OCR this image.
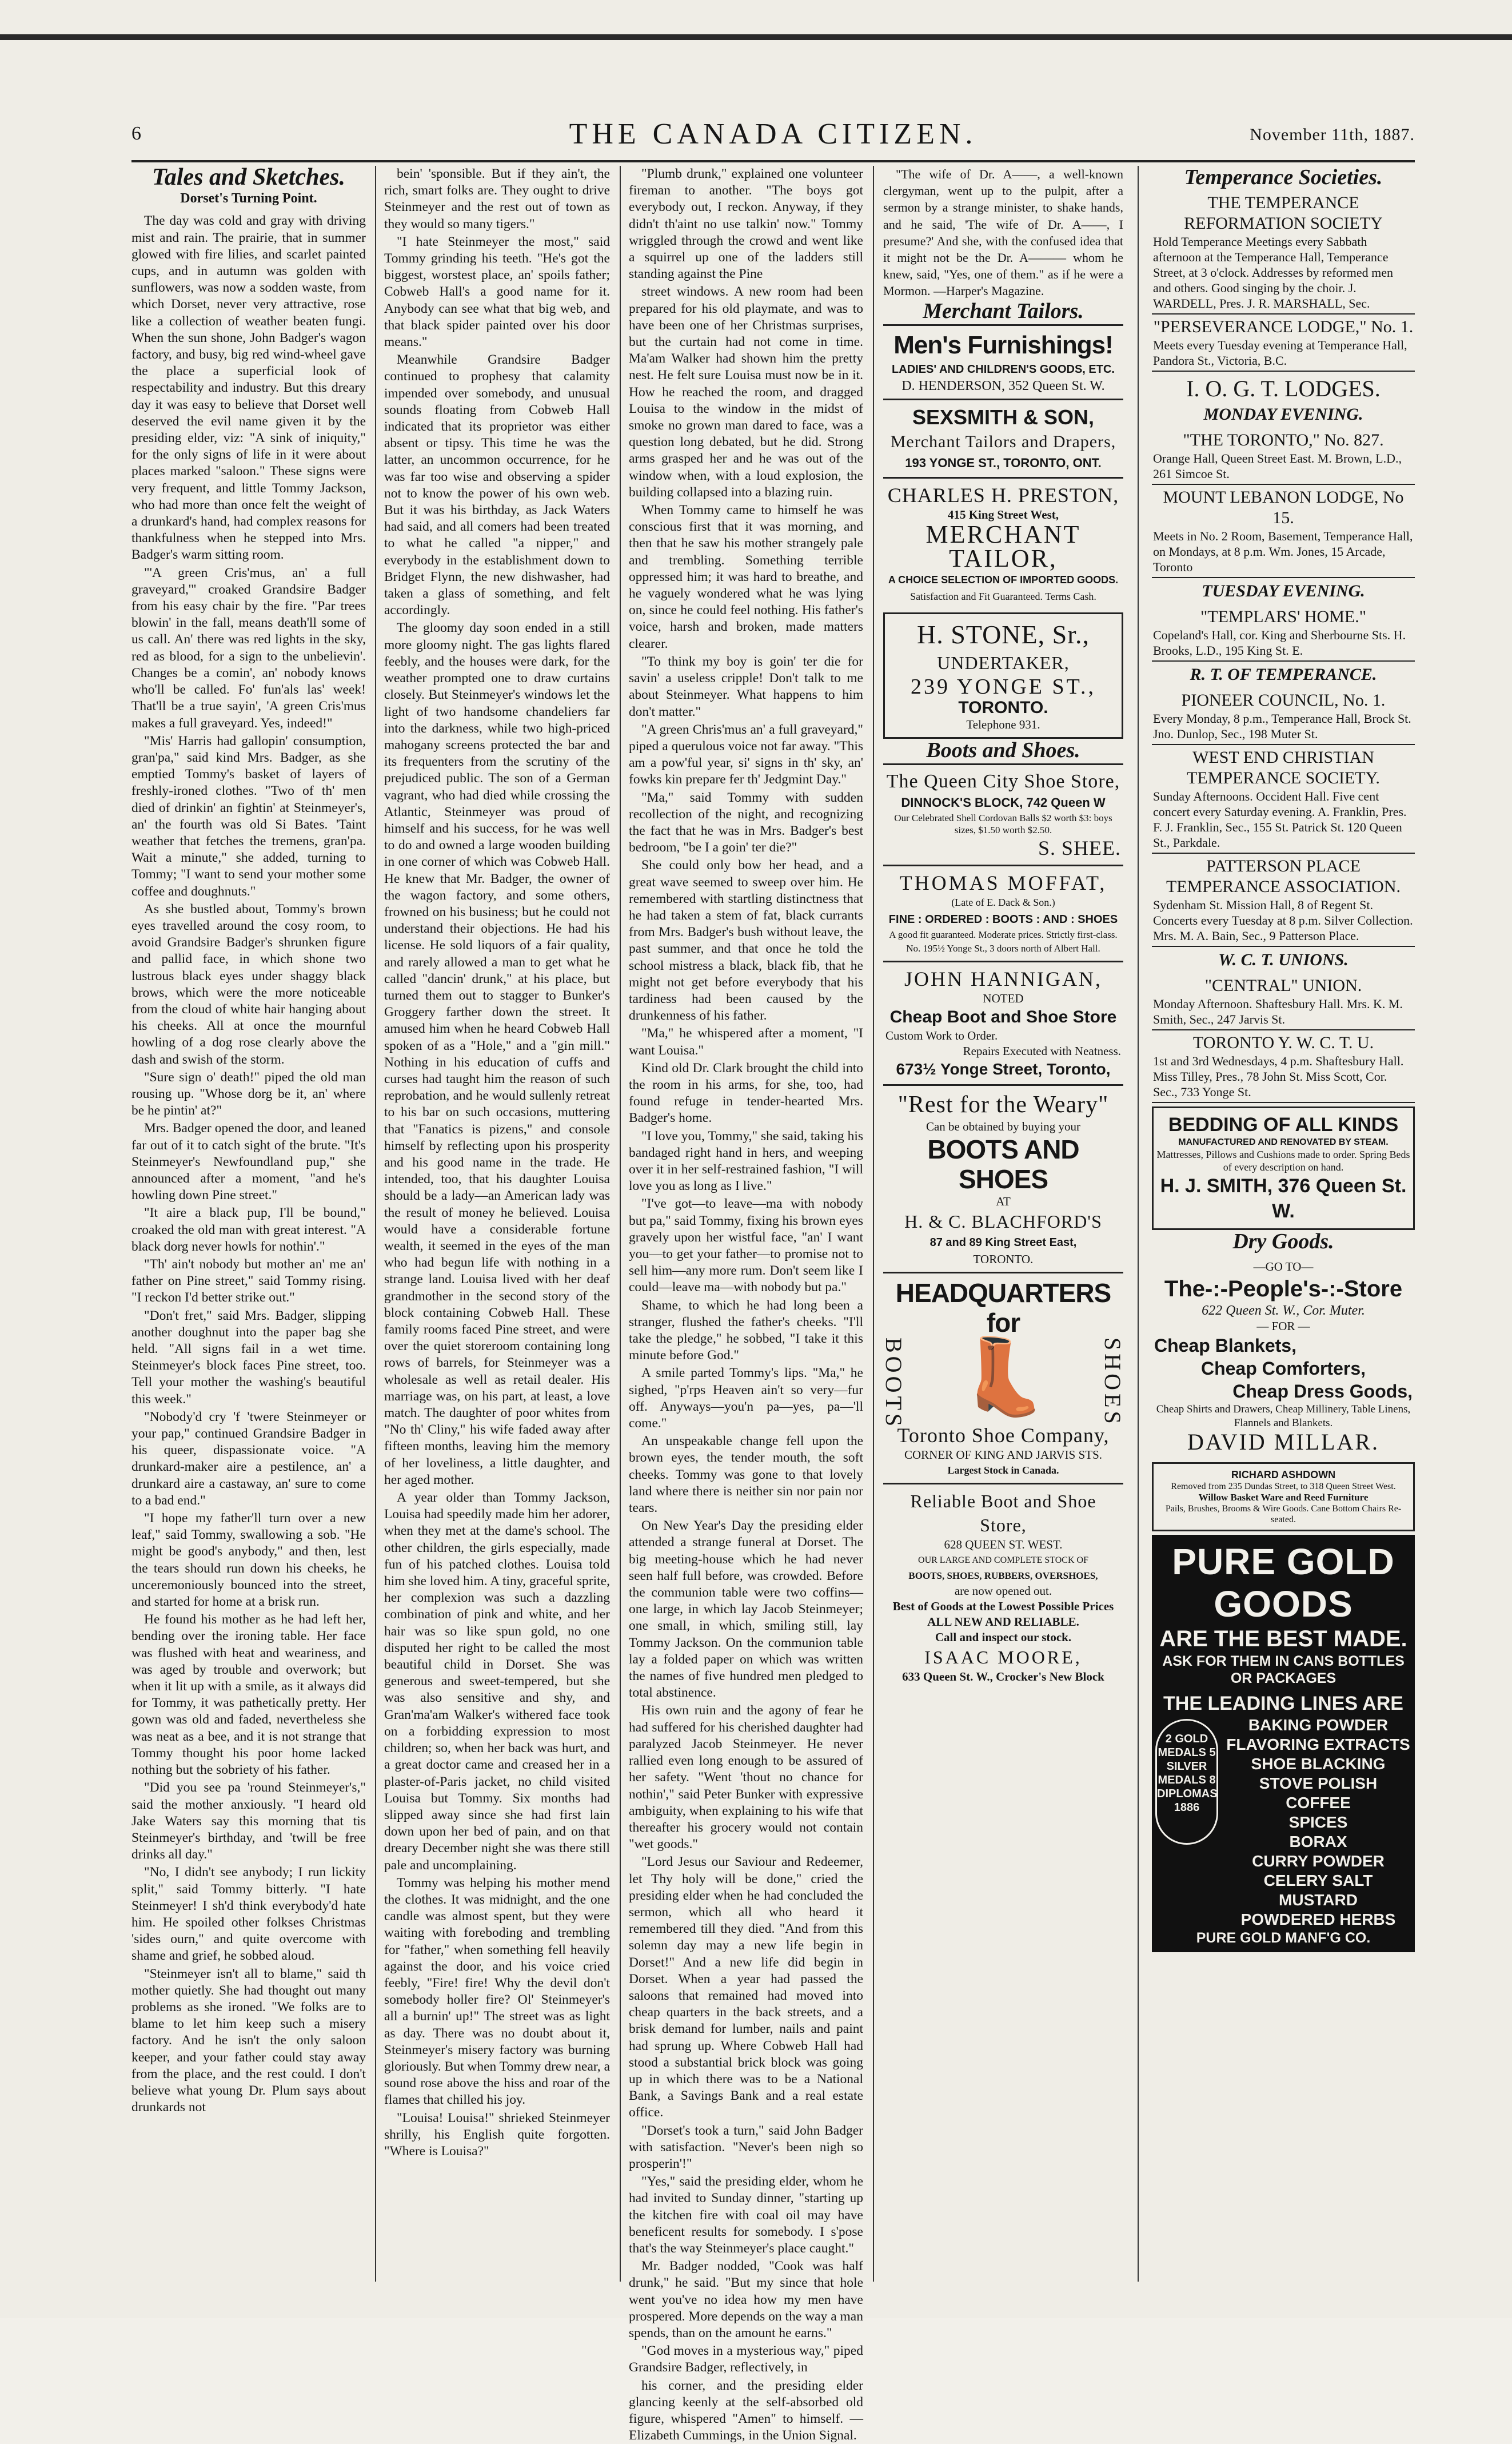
6	THE CANADA CITIZEN.	November 11th, 1887.
Tales and Sketches.
Dorset's Turning Point.

The day was cold and gray with driving mist and rain. The prairie, that in summer glowed with fire lilies, and scarlet painted cups, and in autumn was golden with sunflowers, was now a sodden waste, from which Dorset, never very attractive, rose like a collection of weather beaten fungi. When the sun shone, John Badger's wagon factory, and busy, big red wind-wheel gave the place a superficial look of respectability and industry. But this dreary day it was easy to believe that Dorset well deserved the evil name given it by the presiding elder, viz: "A sink of iniquity," for the only signs of life in it were about places marked "saloon." These signs were very frequent, and little Tommy Jackson, who had more than once felt the weight of a drunkard's hand, had complex reasons for thankfulness when he stepped into Mrs. Badger's warm sitting room.

"'A green Cris'mus, an' a full graveyard,'" croaked Grandsire Badger from his easy chair by the fire. "Par trees blowin' in the fall, means death'll some of us call. An' there was red lights in the sky, red as blood, for a sign to the unbelievin'. Changes be a comin', an' nobody knows who'll be called. Fo' fun'als las' week! That'll be a true sayin', 'A green Cris'mus makes a full graveyard. Yes, indeed!"

"Mis' Harris had gallopin' consumption, gran'pa," said kind Mrs. Badger, as she emptied Tommy's basket of layers of freshly-ironed clothes. "Two of th' men died of drinkin' an fightin' at Steinmeyer's, an' the fourth was old Si Bates. 'Taint weather that fetches the tremens, gran'pa. Wait a minute," she added, turning to Tommy; "I want to send your mother some coffee and doughnuts."

As she bustled about, Tommy's brown eyes travelled around the cosy room, to avoid Grandsire Badger's shrunken figure and pallid face, in which shone two lustrous black eyes under shaggy black brows, which were the more noticeable from the cloud of white hair hanging about his cheeks. All at once the mournful howling of a dog rose clearly above the dash and swish of the storm.

"Sure sign o' death!" piped the old man rousing up. "Whose dorg be it, an' where be he pintin' at?"

Mrs. Badger opened the door, and leaned far out of it to catch sight of the brute. "It's Steinmeyer's Newfoundland pup," she announced after a moment, "and he's howling down Pine street."

"It aire a black pup, I'll be bound," croaked the old man with great interest. "A black dorg never howls for nothin'."

"Th' ain't nobody but mother an' me an' father on Pine street," said Tommy rising. "I reckon I'd better strike out."

"Don't fret," said Mrs. Badger, slipping another doughnut into the paper bag she held. "All signs fail in a wet time. Steinmeyer's block faces Pine street, too. Tell your mother the washing's beautiful this week."

"Nobody'd cry 'f 'twere Steinmeyer or your pap," continued Grandsire Badger in his queer, dispassionate voice. "A drunkard-maker aire a pestilence, an' a drunkard aire a castaway, an' sure to come to a bad end."

"I hope my father'll turn over a new leaf," said Tommy, swallowing a sob. "He might be good's anybody," and then, lest the tears should run down his cheeks, he unceremoniously bounced into the street, and started for home at a brisk run.

He found his mother as he had left her, bending over the ironing table. Her face was flushed with heat and weariness, and was aged by trouble and overwork; but when it lit up with a smile, as it always did for Tommy, it was pathetically pretty. Her gown was old and faded, nevertheless she was neat as a bee, and it is not strange that Tommy thought his poor home lacked nothing but the sobriety of his father.

"Did you see pa 'round Steinmeyer's," said the mother anxiously. "I heard old Jake Waters say this morning that tis Steinmeyer's birthday, and 'twill be free drinks all day."

"No, I didn't see anybody; I run lickity split," said Tommy bitterly. "I hate Steinmeyer! I sh'd think everybody'd hate him. He spoiled other folkses Christmas 'sides ourn," and quite overcome with shame and grief, he sobbed aloud.

"Steinmeyer isn't all to blame," said th mother quietly. She had thought out many problems as she ironed. "We folks are to blame to let him keep such a misery factory. And he isn't the only saloon keeper, and your father could stay away from the place, and the rest could. I don't believe what young Dr. Plum says about drunkards not

bein' 'sponsible. But if they ain't, the rich, smart folks are. They ought to drive Steinmeyer and the rest out of town as they would so many tigers."

"I hate Steinmeyer the most," said Tommy grinding his teeth. "He's got the biggest, worstest place, an' spoils father; Cobweb Hall's a good name for it. Anybody can see what that big web, and that black spider painted over his door means."

Meanwhile Grandsire Badger continued to prophesy that calamity impended over somebody, and unusual sounds floating from Cobweb Hall indicated that its proprietor was either absent or tipsy. This time he was the latter, an uncommon occurrence, for he was far too wise and observing a spider not to know the power of his own web. But it was his birthday, as Jack Waters had said, and all comers had been treated to what he called "a nipper," and everybody in the establishment down to Bridget Flynn, the new dishwasher, had taken a glass of something, and felt accordingly.

The gloomy day soon ended in a still more gloomy night. The gas lights flared feebly, and the houses were dark, for the weather prompted one to draw curtains closely. But Steinmeyer's windows let the light of two handsome chandeliers far into the darkness, while two high-priced mahogany screens protected the bar and its frequenters from the scrutiny of the prejudiced public. The son of a German vagrant, who had died while crossing the Atlantic, Steinmeyer was proud of himself and his success, for he was well to do and owned a large wooden building in one corner of which was Cobweb Hall. He knew that Mr. Badger, the owner of the wagon factory, and some others, frowned on his business; but he could not understand their objections. He had his license. He sold liquors of a fair quality, and rarely allowed a man to get what he called "dancin' drunk," at his place, but turned them out to stagger to Bunker's Groggery farther down the street. It amused him when he heard Cobweb Hall spoken of as a "Hole," and a "gin mill." Nothing in his education of cuffs and curses had taught him the reason of such reprobation, and he would sullenly retreat to his bar on such occasions, muttering that "Fanatics is pizens," and console himself by reflecting upon his prosperity and his good name in the trade. He intended, too, that his daughter Louisa should be a lady—an American lady was the result of money he believed. Louisa would have a considerable fortune wealth, it seemed in the eyes of the man who had begun life with nothing in a strange land. Louisa lived with her deaf grandmother in the second story of the block containing Cobweb Hall. These family rooms faced Pine street, and were over the quiet storeroom containing long rows of barrels, for Steinmeyer was a wholesale as well as retail dealer. His marriage was, on his part, at least, a love match. The daughter of poor whites from "No th' Cliny," his wife faded away after fifteen months, leaving him the memory of her loveliness, a little daughter, and her aged mother.

A year older than Tommy Jackson, Louisa had speedily made him her adorer, when they met at the dame's school. The other children, the girls especially, made fun of his patched clothes. Louisa told him she loved him. A tiny, graceful sprite, her complexion was such a dazzling combination of pink and white, and her hair was so like spun gold, no one disputed her right to be called the most beautiful child in Dorset. She was generous and sweet-tempered, but she was also sensitive and shy, and Gran'ma'am Walker's withered face took on a forbidding expression to most children; so, when her back was hurt, and a great doctor came and creased her in a plaster-of-Paris jacket, no child visited Louisa but Tommy. Six months had slipped away since she had first lain down upon her bed of pain, and on that dreary December night she was there still pale and uncomplaining.

Tommy was helping his mother mend the clothes. It was midnight, and the one candle was almost spent, but they were waiting with foreboding and trembling for "father," when something fell heavily against the door, and his voice cried feebly, "Fire! fire! Why the devil don't somebody holler fire? Ol' Steinmeyer's all a burnin' up!" The street was as light as day. There was no doubt about it, Steinmeyer's misery factory was burning gloriously. But when Tommy drew near, a sound rose above the hiss and roar of the flames that chilled his joy.

"Louisa! Louisa!" shrieked Steinmeyer shrilly, his English quite forgotten. "Where is Louisa?"

"Plumb drunk," explained one volunteer fireman to another. "The boys got everybody out, I reckon. Anyway, if they didn't th'aint no use talkin' now." Tommy wriggled through the crowd and went like a squirrel up one of the ladders still standing against the Pine

street windows. A new room had been prepared for his old playmate, and was to have been one of her Christmas surprises, but the curtain had not come in time. Ma'am Walker had shown him the pretty nest. He felt sure Louisa must now be in it. How he reached the room, and dragged Louisa to the window in the midst of smoke no grown man dared to face, was a question long debated, but he did. Strong arms grasped her and he was out of the window when, with a loud explosion, the building collapsed into a blazing ruin.

When Tommy came to himself he was conscious first that it was morning, and then that he saw his mother strangely pale and trembling. Something terrible oppressed him; it was hard to breathe, and he vaguely wondered what he was lying on, since he could feel nothing. His father's voice, harsh and broken, made matters clearer.

"To think my boy is goin' ter die for savin' a useless cripple! Don't talk to me about Steinmeyer. What happens to him don't matter."

"A green Chris'mus an' a full graveyard," piped a querulous voice not far away. "This am a pow'ful year, si' signs in th' sky, an' fowks kin prepare fer th' Jedgmint Day."

"Ma," said Tommy with sudden recollection of the night, and recognizing the fact that he was in Mrs. Badger's best bedroom, "be I a goin' ter die?"

She could only bow her head, and a great wave seemed to sweep over him. He remembered with startling distinctness that he had taken a stem of fat, black currants from Mrs. Badger's bush without leave, the past summer, and that once he told the school mistress a black, black fib, that he might not get before everybody that his tardiness had been caused by the drunkenness of his father.

"Ma," he whispered after a moment, "I want Louisa."

Kind old Dr. Clark brought the child into the room in his arms, for she, too, had found refuge in tender-hearted Mrs. Badger's home.

"I love you, Tommy," she said, taking his bandaged right hand in hers, and weeping over it in her self-restrained fashion, "I will love you as long as I live."

"I've got—to leave—ma with nobody but pa," said Tommy, fixing his brown eyes gravely upon her wistful face, "an' I want you—to get your father—to promise not to sell him—any more rum. Don't seem like I could—leave ma—with nobody but pa."

Shame, to which he had long been a stranger, flushed the father's cheeks. "I'll take the pledge," he sobbed, "I take it this minute before God."

A smile parted Tommy's lips. "Ma," he sighed, "p'rps Heaven ain't so very—fur off. Anyways—you'n pa—yes, pa—'ll come."

An unspeakable change fell upon the brown eyes, the tender mouth, the soft cheeks. Tommy was gone to that lovely land where there is neither sin nor pain nor tears.

On New Year's Day the presiding elder attended a strange funeral at Dorset. The big meeting-house which he had never seen half full before, was crowded. Before the communion table were two coffins—one large, in which lay Jacob Steinmeyer; one small, in which, smiling still, lay Tommy Jackson. On the communion table lay a folded paper on which was written the names of five hundred men pledged to total abstinence.

His own ruin and the agony of fear he had suffered for his cherished daughter had paralyzed Jacob Steinmeyer. He never rallied even long enough to be assured of her safety. "Went 'thout no chance for nothin'," said Peter Bunker with expressive ambiguity, when explaining to his wife that thereafter his grocery would not contain "wet goods."

"Lord Jesus our Saviour and Redeemer, let Thy holy will be done," cried the presiding elder when he had concluded the sermon, which all who heard it remembered till they died. "And from this solemn day may a new life begin in Dorset!" And a new life did begin in Dorset. When a year had passed the saloons that remained had moved into cheap quarters in the back streets, and a brisk demand for lumber, nails and paint had sprung up. Where Cobweb Hall had stood a substantial brick block was going up in which there was to be a National Bank, a Savings Bank and a real estate office.

"Dorset's took a turn," said John Badger with satisfaction. "Never's been nigh so prosperin'!"

"Yes," said the presiding elder, whom he had invited to Sunday dinner, "starting up the kitchen fire with coal oil may have beneficent results for somebody. I s'pose that's the way Steinmeyer's place caught."

Mr. Badger nodded, "Cook was half drunk," he said. "But my since that hole went you've no idea how my men have prospered. More depends on the way a man spends, than on the amount he earns."

"God moves in a mysterious way," piped Grandsire Badger, reflectively, in

his corner, and the presiding elder glancing keenly at the self-absorbed old figure, whispered "Amen" to himself. —Elizabeth Cummings, in the Union Signal.

"The wife of Dr. A——, a well-known clergyman, went up to the pulpit, after a sermon by a strange minister, to shake hands, and he said, 'The wife of Dr. A——, I presume?' And she, with the confused idea that it might not be the Dr. A——— whom he knew, said, "Yes, one of them." as if he were a Mormon. —Harper's Magazine.

Merchant Tailors.
Men's Furnishings!
LADIES' AND CHILDREN'S GOODS, ETC.
D. HENDERSON, 352 Queen St. W.
SEXSMITH & SON,
Merchant Tailors and Drapers,
193 YONGE ST., TORONTO, ONT.
CHARLES H. PRESTON,
415 King Street West,
MERCHANT TAILOR,
A CHOICE SELECTION OF IMPORTED GOODS.
Satisfaction and Fit Guaranteed. Terms Cash.
H. STONE, Sr.,
UNDERTAKER,
239 YONGE ST.,
TORONTO.
Telephone 931.
Boots and Shoes.
The Queen City Shoe Store,
DINNOCK'S BLOCK, 742 Queen W
Our Celebrated Shell Cordovan Balls $2 worth $3: boys sizes, $1.50 worth $2.50.
S. SHEE.
THOMAS MOFFAT,
(Late of E. Dack & Son.)
FINE : ORDERED : BOOTS : AND : SHOES
A good fit guaranteed. Moderate prices. Strictly first-class.
No. 195½ Yonge St., 3 doors north of Albert Hall.
JOHN HANNIGAN,
NOTED
Cheap Boot and Shoe Store
Custom Work to Order.
Repairs Executed with Neatness.
673½ Yonge Street, Toronto,
"Rest for the Weary"
Can be obtained by buying your
BOOTS AND SHOES
AT
H. & C. BLACHFORD'S
87 and 89 King Street East,
TORONTO.
HEADQUARTERS for
BOOTS 👢	SHOES
Toronto Shoe Company,
CORNER OF KING AND JARVIS STS.
Largest Stock in Canada.
Reliable Boot and Shoe Store,
628 QUEEN ST. WEST.
OUR LARGE AND COMPLETE STOCK OF
BOOTS, SHOES, RUBBERS, OVERSHOES,
are now opened out.
Best of Goods at the Lowest Possible Prices
ALL NEW AND RELIABLE.
Call and inspect our stock.
ISAAC MOORE,
633 Queen St. W., Crocker's New Block
Temperance Societies.
THE TEMPERANCE REFORMATION SOCIETY
Hold Temperance Meetings every Sabbath afternoon at the Temperance Hall, Temperance Street, at 3 o'clock. Addresses by reformed men and others. Good singing by the choir. J. WARDELL, Pres. J. R. MARSHALL, Sec.
"PERSEVERANCE LODGE," No. 1.
Meets every Tuesday evening at Temperance Hall, Pandora St., Victoria, B.C.
I. O. G. T. LODGES.
MONDAY EVENING.
"THE TORONTO," No. 827.
Orange Hall, Queen Street East. M. Brown, L.D., 261 Simcoe St.
MOUNT LEBANON LODGE, No 15.
Meets in No. 2 Room, Basement, Temperance Hall, on Mondays, at 8 p.m. Wm. Jones, 15 Arcade, Toronto
TUESDAY EVENING.
"TEMPLARS' HOME."
Copeland's Hall, cor. King and Sherbourne Sts. H. Brooks, L.D., 195 King St. E.
R. T. OF TEMPERANCE.
PIONEER COUNCIL, No. 1.
Every Monday, 8 p.m., Temperance Hall, Brock St. Jno. Dunlop, Sec., 198 Muter St.
WEST END CHRISTIAN TEMPERANCE SOCIETY.
Sunday Afternoons. Occident Hall. Five cent concert every Saturday evening. A. Franklin, Pres. F. J. Franklin, Sec., 155 St. Patrick St. 120 Queen St., Parkdale.
PATTERSON PLACE TEMPERANCE ASSOCIATION.
Sydenham St. Mission Hall, 8 of Regent St. Concerts every Tuesday at 8 p.m. Silver Collection. Mrs. M. A. Bain, Sec., 9 Patterson Place.
W. C. T. UNIONS.
"CENTRAL" UNION.
Monday Afternoon. Shaftesbury Hall. Mrs. K. M. Smith, Sec., 247 Jarvis St.
TORONTO Y. W. C. T. U.
1st and 3rd Wednesdays, 4 p.m. Shaftesbury Hall. Miss Tilley, Pres., 78 John St. Miss Scott, Cor. Sec., 733 Yonge St.
BEDDING OF ALL KINDS
MANUFACTURED AND RENOVATED BY STEAM.
Mattresses, Pillows and Cushions made to order. Spring Beds of every description on hand.
H. J. SMITH, 376 Queen St. W.
Dry Goods.
—GO TO—
The-:-People's-:-Store
622 Queen St. W., Cor. Muter.
— FOR —
Cheap Blankets,
Cheap Comforters,
Cheap Dress Goods,
Cheap Shirts and Drawers, Cheap Millinery, Table Linens, Flannels and Blankets.
DAVID MILLAR.
RICHARD ASHDOWN
Removed from 235 Dundas Street, to 318 Queen Street West.
Willow Basket Ware and Reed Furniture
Pails, Brushes, Brooms & Wire Goods. Cane Bottom Chairs Re-seated.
PURE GOLD GOODS
ARE THE BEST MADE.
ASK FOR THEM IN CANS BOTTLES OR PACKAGES
THE LEADING LINES ARE
2 GOLD MEDALS 5 SILVER MEDALS 8 DIPLOMAS 1886
BAKING POWDER
FLAVORING EXTRACTS
SHOE BLACKING
STOVE POLISH
COFFEE
SPICES
BORAX
CURRY POWDER
CELERY SALT
MUSTARD
POWDERED HERBS
PURE GOLD MANF'G CO.
